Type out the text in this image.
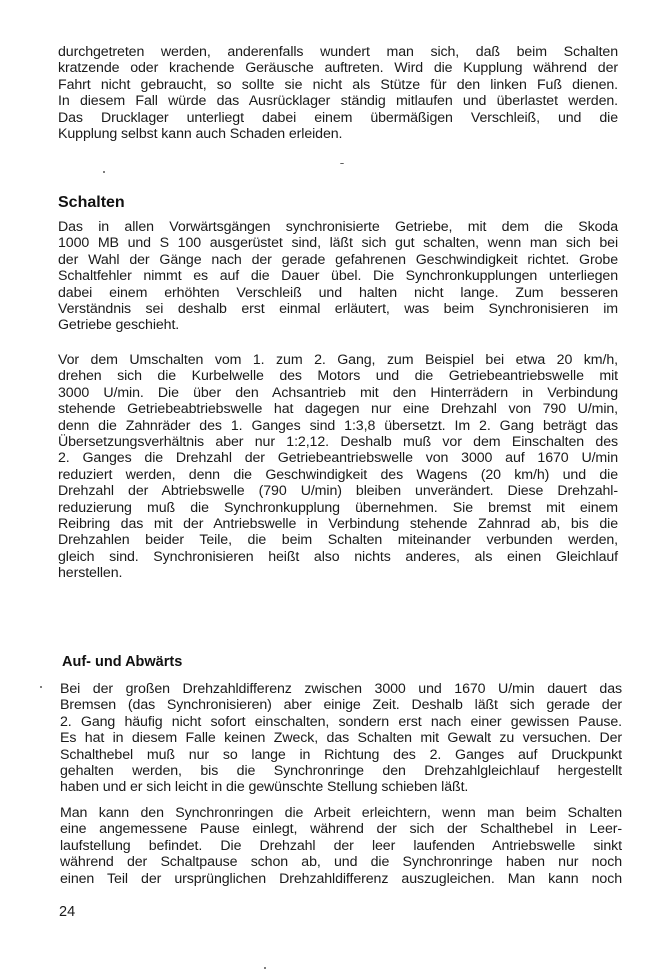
durchgetreten werden, anderenfalls wundert man sich, daß beim Schalten
kratzende oder krachende Geräusche auftreten. Wird die Kupplung während der
Fahrt nicht gebraucht, so sollte sie nicht als Stütze für den linken Fuß dienen.
In diesem Fall würde das Ausrücklager ständig mitlaufen und überlastet werden.
Das Drucklager unterliegt dabei einem übermäßigen Verschleiß, und die
Kupplung selbst kann auch Schaden erleiden.
Schalten
Das in allen Vorwärtsgängen synchronisierte Getriebe, mit dem die Skoda
1000 MB und S 100 ausgerüstet sind, läßt sich gut schalten, wenn man sich bei
der Wahl der Gänge nach der gerade gefahrenen Geschwindigkeit richtet. Grobe
Schaltfehler nimmt es auf die Dauer übel. Die Synchronkupplungen unterliegen
dabei einem erhöhten Verschleiß und halten nicht lange. Zum besseren
Verständnis sei deshalb erst einmal erläutert, was beim Synchronisieren im
Getriebe geschieht.
Vor dem Umschalten vom 1. zum 2. Gang, zum Beispiel bei etwa 20 km/h,
drehen sich die Kurbelwelle des Motors und die Getriebeantriebswelle mit
3000 U/min. Die über den Achsantrieb mit den Hinterrädern in Verbindung
stehende Getriebeabtriebswelle hat dagegen nur eine Drehzahl von 790 U/min,
denn die Zahnräder des 1. Ganges sind 1:3,8 übersetzt. Im 2. Gang beträgt das
Übersetzungsverhältnis aber nur 1:2,12. Deshalb muß vor dem Einschalten des
2. Ganges die Drehzahl der Getriebeantriebswelle von 3000 auf 1670 U/min
reduziert werden, denn die Geschwindigkeit des Wagens (20 km/h) und die
Drehzahl der Abtriebswelle (790 U/min) bleiben unverändert. Diese Drehzahl-
reduzierung muß die Synchronkupplung übernehmen. Sie bremst mit einem
Reibring das mit der Antriebswelle in Verbindung stehende Zahnrad ab, bis die
Drehzahlen beider Teile, die beim Schalten miteinander verbunden werden,
gleich sind. Synchronisieren heißt also nichts anderes, als einen Gleichlauf
herstellen.
Auf- und Abwärts
Bei der großen Drehzahldifferenz zwischen 3000 und 1670 U/min dauert das
Bremsen (das Synchronisieren) aber einige Zeit. Deshalb läßt sich gerade der
2. Gang häufig nicht sofort einschalten, sondern erst nach einer gewissen Pause.
Es hat in diesem Falle keinen Zweck, das Schalten mit Gewalt zu versuchen. Der
Schalthebel muß nur so lange in Richtung des 2. Ganges auf Druckpunkt
gehalten werden, bis die Synchronringe den Drehzahlgleichlauf hergestellt
haben und er sich leicht in die gewünschte Stellung schieben läßt.
Man kann den Synchronringen die Arbeit erleichtern, wenn man beim Schalten
eine angemessene Pause einlegt, während der sich der Schalthebel in Leer-
laufstellung befindet. Die Drehzahl der leer laufenden Antriebswelle sinkt
während der Schaltpause schon ab, und die Synchronringe haben nur noch
einen Teil der ursprünglichen Drehzahldifferenz auszugleichen. Man kann noch
24
